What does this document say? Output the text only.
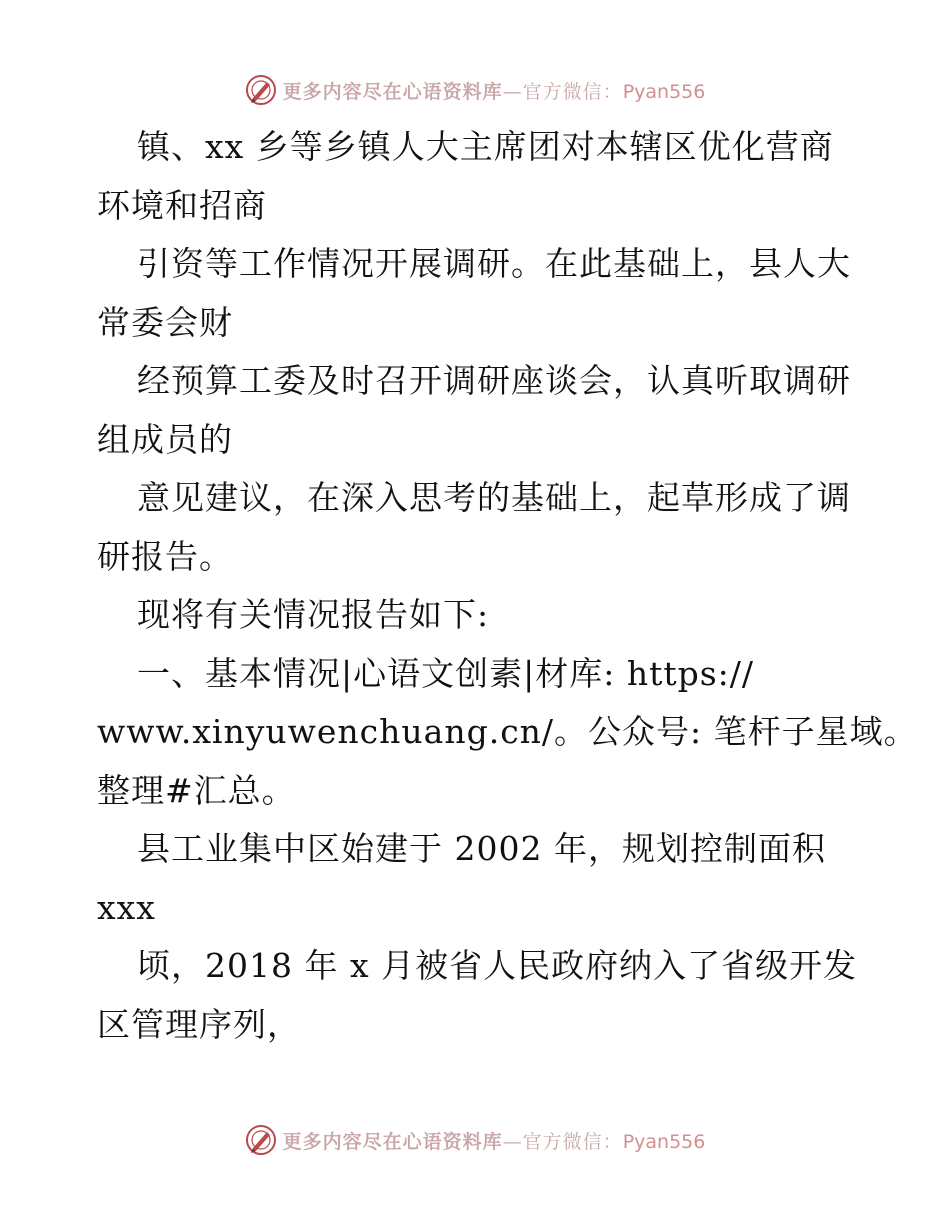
更多内容尽在心语资料库—官方微信：Pyan556
镇、xx 乡等乡镇人大主席团对本辖区优化营商
环境和招商
引资等工作情况开展调研。在此基础上，县人大
常委会财
经预算工委及时召开调研座谈会，认真听取调研
组成员的
意见建议，在深入思考的基础上，起草形成了调
研报告。
现将有关情况报告如下:
一、基本情况|心语文创素|材库: https://
www.xinyuwenchuang.cn/。公众号: 笔杆子星域。
整理#汇总。
县工业集中区始建于 2002 年，规划控制面积
xxx
顷，2018 年 x 月被省人民政府纳入了省级开发
区管理序列，
更多内容尽在心语资料库—官方微信：Pyan556
